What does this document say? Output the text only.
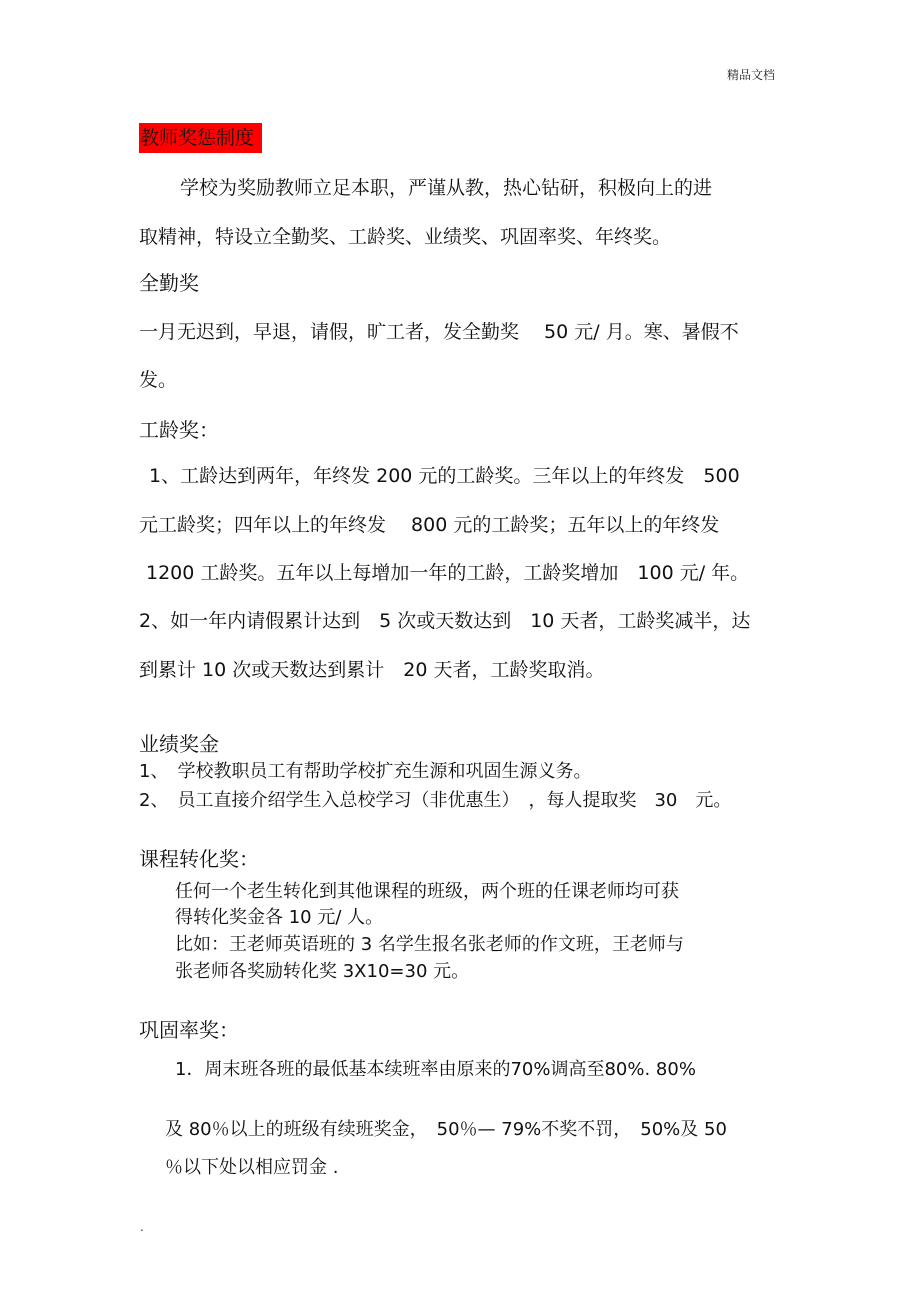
精品文档
教师奖惩制度
学校为奖励教师立足本职，严谨从教，热心钻研，积极向上的进
取精神，特设立全勤奖、工龄奖、业绩奖、巩固率奖、年终奖。
全勤奖
一月无迟到，早退，请假，旷工者，发全勤奖　 50 元/ 月。寒、暑假不
发。
工龄奖：
1、工龄达到两年，年终发 200 元的工龄奖。三年以上的年终发　500
元工龄奖；四年以上的年终发　 800 元的工龄奖；五年以上的年终发
1200 工龄奖。五年以上每增加一年的工龄，工龄奖增加　100 元/ 年。
2、如一年内请假累计达到　5 次或天数达到　10 天者，工龄奖减半，达
到累计 10 次或天数达到累计　20 天者，工龄奖取消。
业绩奖金
1、　学校教职员工有帮助学校扩充生源和巩固生源义务。
2、　员工直接介绍学生入总校学习（非优惠生）　，每人提取奖　30　元。
课程转化奖：
任何一个老生转化到其他课程的班级，两个班的任课老师均可获
得转化奖金各 10 元/ 人。
比如：王老师英语班的 3 名学生报名张老师的作文班，王老师与
张老师各奖励转化奖 3X10=30 元。
巩固率奖：
1．周末班各班的最低基本续班率由原来的70%调高至80%. 80%
及 80％以上的班级有续班奖金，　50％— 79%不奖不罚，　50%及 50
％以下处以相应罚金 .
.
